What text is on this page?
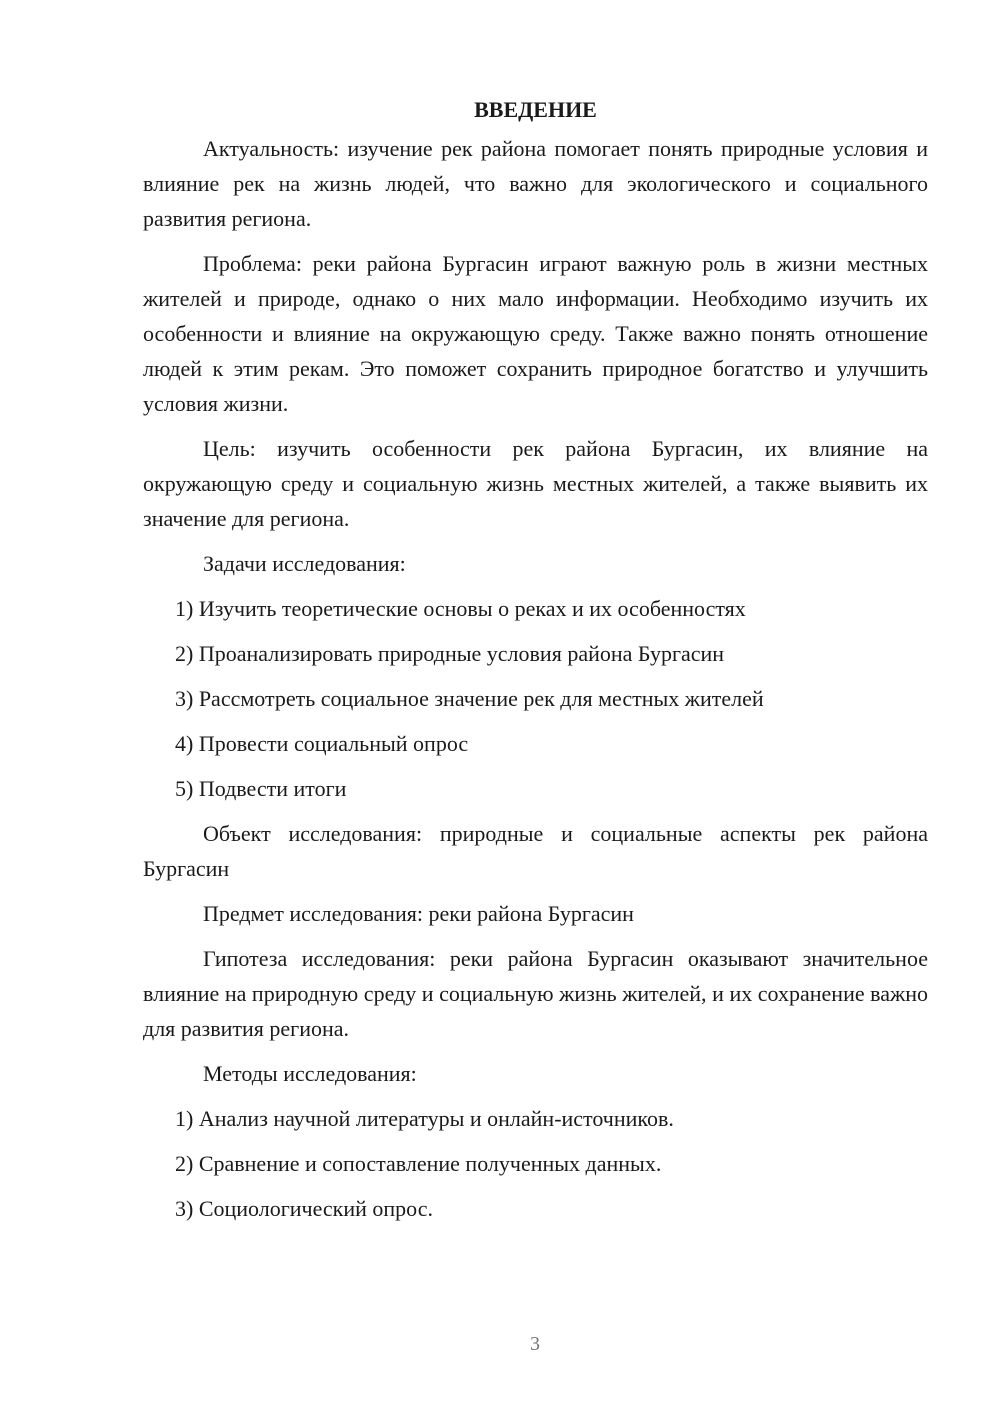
ВВЕДЕНИЕ

Актуальность: изучение рек района помогает понять природные условия и влияние рек на жизнь людей, что важно для экологического и социального развития региона.

Проблема: реки района Бургасин играют важную роль в жизни местных жителей и природе, однако о них мало информации. Необходимо изучить их особенности и влияние на окружающую среду. Также важно понять отношение людей к этим рекам. Это поможет сохранить природное богатство и улучшить условия жизни.

Цель: изучить особенности рек района Бургасин, их влияние на окружающую среду и социальную жизнь местных жителей, а также выявить их значение для региона.

Задачи исследования:

1) Изучить теоретические основы о реках и их особенностях
2) Проанализировать природные условия района Бургасин
3) Рассмотреть социальное значение рек для местных жителей
4) Провести социальный опрос
5) Подвести итоги

Объект исследования: природные и социальные аспекты рек района Бургасин

Предмет исследования: реки района Бургасин

Гипотеза исследования: реки района Бургасин оказывают значительное влияние на природную среду и социальную жизнь жителей, и их сохранение важно для развития региона.

Методы исследования:

1) Анализ научной литературы и онлайн-источников.
2) Сравнение и сопоставление полученных данных.
3) Социологический опрос.
3
